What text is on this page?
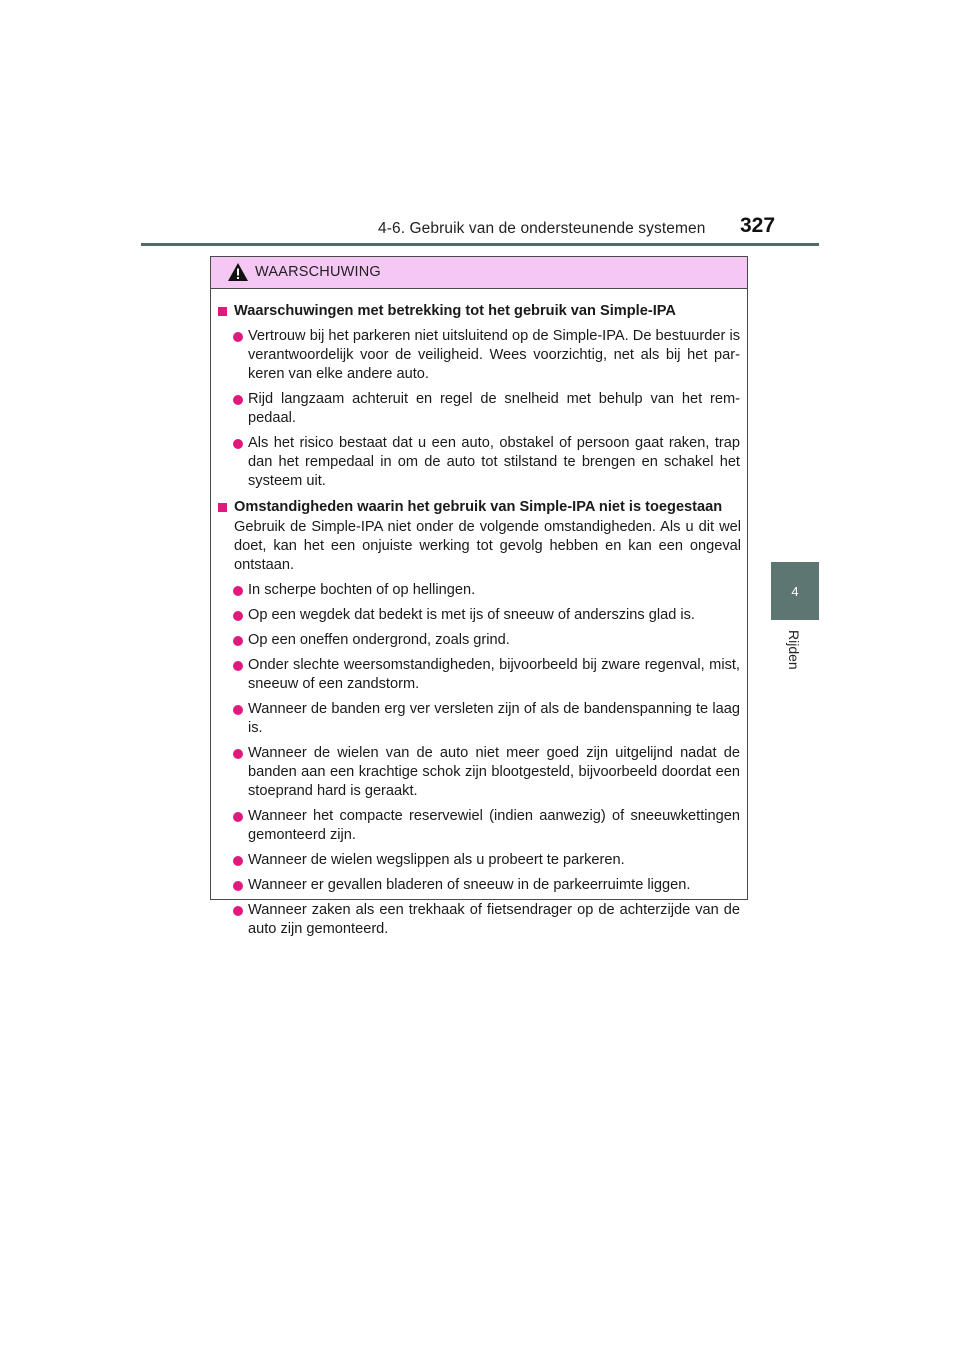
4-6. Gebruik van de ondersteunende systemen 327
4
Rijden
WAARSCHUWING
Waarschuwingen met betrekking tot het gebruik van Simple-IPA
Vertrouw bij het parkeren niet uitsluitend op de Simple-IPA. De bestuurder is verantwoordelijk voor de veiligheid. Wees voorzichtig, net als bij het par-keren van elke andere auto.
Rijd langzaam achteruit en regel de snelheid met behulp van het rem-pedaal.
Als het risico bestaat dat u een auto, obstakel of persoon gaat raken, trap dan het rempedaal in om de auto tot stilstand te brengen en schakel het systeem uit.
Omstandigheden waarin het gebruik van Simple-IPA niet is toegestaan
Gebruik de Simple-IPA niet onder de volgende omstandigheden. Als u dit wel doet, kan het een onjuiste werking tot gevolg hebben en kan een ongeval ontstaan.
In scherpe bochten of op hellingen.
Op een wegdek dat bedekt is met ijs of sneeuw of anderszins glad is.
Op een oneffen ondergrond, zoals grind.
Onder slechte weersomstandigheden, bijvoorbeeld bij zware regenval, mist, sneeuw of een zandstorm.
Wanneer de banden erg ver versleten zijn of als de bandenspanning te laag is.
Wanneer de wielen van de auto niet meer goed zijn uitgelijnd nadat de banden aan een krachtige schok zijn blootgesteld, bijvoorbeeld doordat een stoeprand hard is geraakt.
Wanneer het compacte reservewiel (indien aanwezig) of sneeuwkettingen gemonteerd zijn.
Wanneer de wielen wegslippen als u probeert te parkeren.
Wanneer er gevallen bladeren of sneeuw in de parkeerruimte liggen.
Wanneer zaken als een trekhaak of fietsendrager op de achterzijde van de auto zijn gemonteerd.
